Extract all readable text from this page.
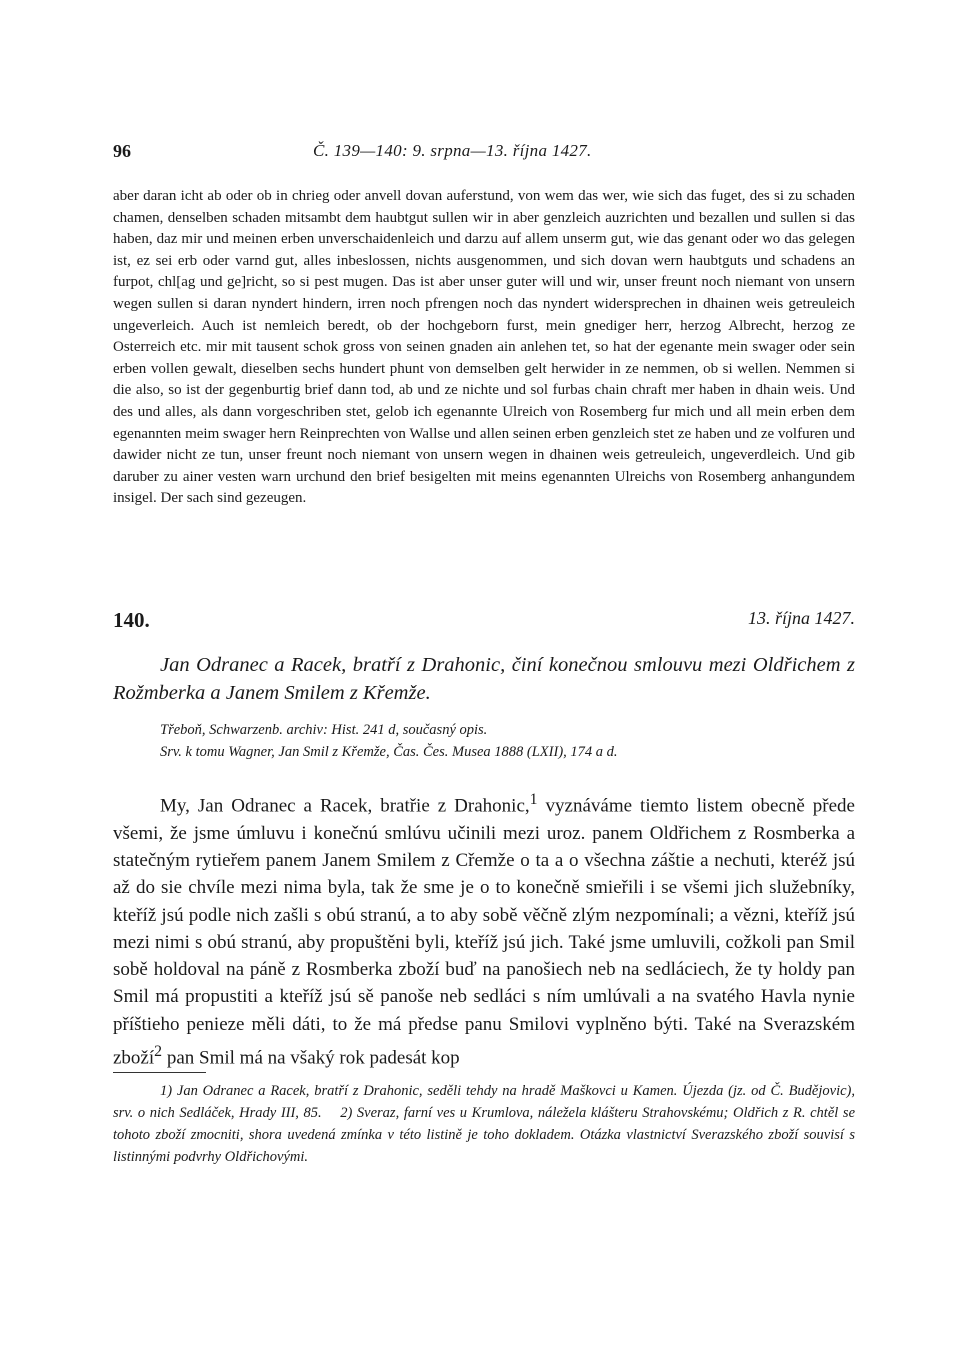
96	Č. 139—140: 9. srpna—13. října 1427.

aber daran icht ab oder ob in chrieg oder anvell dovan auferstund, von wem das wer, wie sich das fuget, des si zu schaden chamen, denselben schaden mitsambt dem haubtgut sullen wir in aber genzleich auzrichten und bezallen und sullen si das haben, daz mir und meinen erben unverschaidenleich und darzu auf allem unserm gut, wie das genant oder wo das gelegen ist, ez sei erb oder varnd gut, alles inbeslossen, nichts ausgenommen, und sich dovan wern haubtguts und schadens an furpot, chl[ag und ge]richt, so si pest mugen. Das ist aber unser guter will und wir, unser freunt noch niemant von unsern wegen sullen si daran nyndert hindern, irren noch pfrengen noch das nyndert widersprechen in dhainen weis getreuleich ungeverleich. Auch ist nemleich beredt, ob der hochgeborn furst, mein gnediger herr, herzog Albrecht, herzog ze Osterreich etc. mir mit tausent schok gross von seinen gnaden ain anlehen tet, so hat der egenante mein swager oder sein erben vollen gewalt, dieselben sechs hundert phunt von demselben gelt herwider in ze nemmen, ob si wellen. Nemmen si die also, so ist der gegenburtig brief dann tod, ab und ze nichte und sol furbas chain chraft mer haben in dhain weis. Und des und alles, als dann vorgeschriben stet, gelob ich egenannte Ulreich von Rosemberg fur mich und all mein erben dem egenannten meim swager hern Reinprechten von Wallse und allen seinen erben genzleich stet ze haben und ze volfuren und dawider nicht ze tun, unser freunt noch niemant von unsern wegen in dhainen weis getreuleich, ungeverdleich. Und gib daruber zu ainer vesten warn urchund den brief besigelten mit meins egenannten Ulreichs von Rosemberg anhangundem insigel. Der sach sind gezeugen.

140.	13. října 1427.

Jan Odranec a Racek, bratří z Drahonic, činí konečnou smlouvu mezi Oldřichem z Rožmberka a Janem Smilem z Křemže.

Třeboň, Schwarzenb. archiv: Hist. 241 d, současný opis.
Srv. k tomu Wagner, Jan Smil z Křemže, Čas. Čes. Musea 1888 (LXII), 174 a d.

My, Jan Odranec a Racek, bratřie z Drahonic,$^1$ vyznáváme tiemto listem obecně přede všemi, že jsme úmluvu i konečnú smlúvu učinili mezi uroz. panem Oldřichem z Rosmberka a statečným rytieřem panem Janem Smilem z Cřemže o ta a o všechna záštie a nechuti, kteréž jsú až do sie chvíle mezi nima byla, tak že sme je o to konečně smieřili i se všemi jich služebníky, kteříž jsú podle nich zašli s obú stranú, a to aby sobě věčně zlým nezpomínali; a vězni, kteříž jsú mezi nimi s obú stranú, aby propuštěni byli, kteříž jsú jich. Také jsme umluvili, cožkoli pan Smil sobě holdoval na páně z Rosmberka zboží buď na panošiech neb na sedláciech, že ty holdy pan Smil má propustiti a kteříž jsú sě panoše neb sedláci s ním umlúvali a na svatého Havla nynie příštieho penieze měli dáti, to že má předse panu Smilovi vyplněno býti. Také na Sverazském zboží$^2$ pan Smil má na všaký rok padesát kop

1) Jan Odranec a Racek, bratří z Drahonic, seděli tehdy na hradě Maškovci u Kamen. Újezda (jz. od Č. Budějovic), srv. o nich Sedláček, Hrady III, 85. 2) Sveraz, farní ves u Krumlova, náležela klášteru Strahovskému; Oldřich z R. chtěl se tohoto zboží zmocniti, shora uvedená zmínka v této listině je toho dokladem. Otázka vlastnictví Sverazského zboží souvisí s listinnými podvrhy Oldřichovými.
